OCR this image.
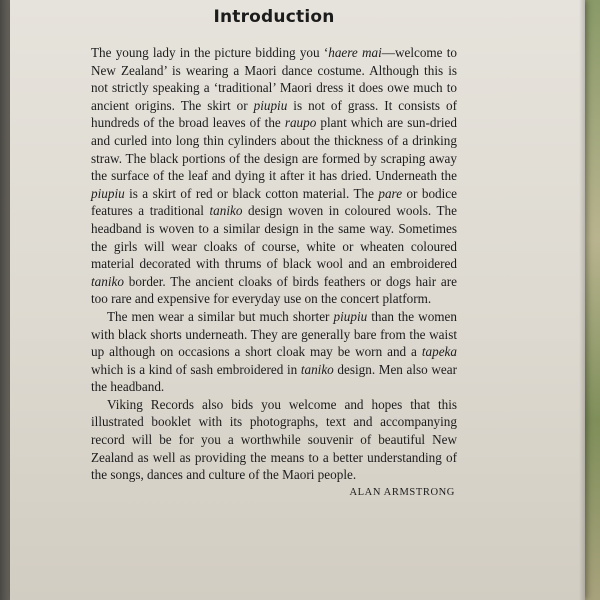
Introduction

The young lady in the picture bidding you ‘haere mai—welcome to New Zealand’ is wearing a Maori dance costume. Although this is not strictly speaking a ‘traditional’ Maori dress it does owe much to ancient origins. The skirt or piupiu is not of grass. It consists of hundreds of the broad leaves of the raupo plant which are sun-dried and curled into long thin cylinders about the thickness of a drinking straw. The black portions of the design are formed by scraping away the surface of the leaf and dying it after it has dried. Underneath the piupiu is a skirt of red or black cotton material. The pare or bodice features a traditional taniko design woven in coloured wools. The headband is woven to a similar design in the same way. Sometimes the girls will wear cloaks of course, white or wheaten coloured material decorated with thrums of black wool and an embroidered taniko border. The ancient cloaks of birds feathers or dogs hair are too rare and expensive for everyday use on the concert platform.

The men wear a similar but much shorter piupiu than the women with black shorts underneath. They are generally bare from the waist up although on occasions a short cloak may be worn and a tapeka which is a kind of sash embroidered in taniko design. Men also wear the headband.

Viking Records also bids you welcome and hopes that this illustrated booklet with its photographs, text and accompanying record will be for you a worthwhile souvenir of beautiful New Zealand as well as providing the means to a better understanding of the songs, dances and culture of the Maori people.

ALAN ARMSTRONG
